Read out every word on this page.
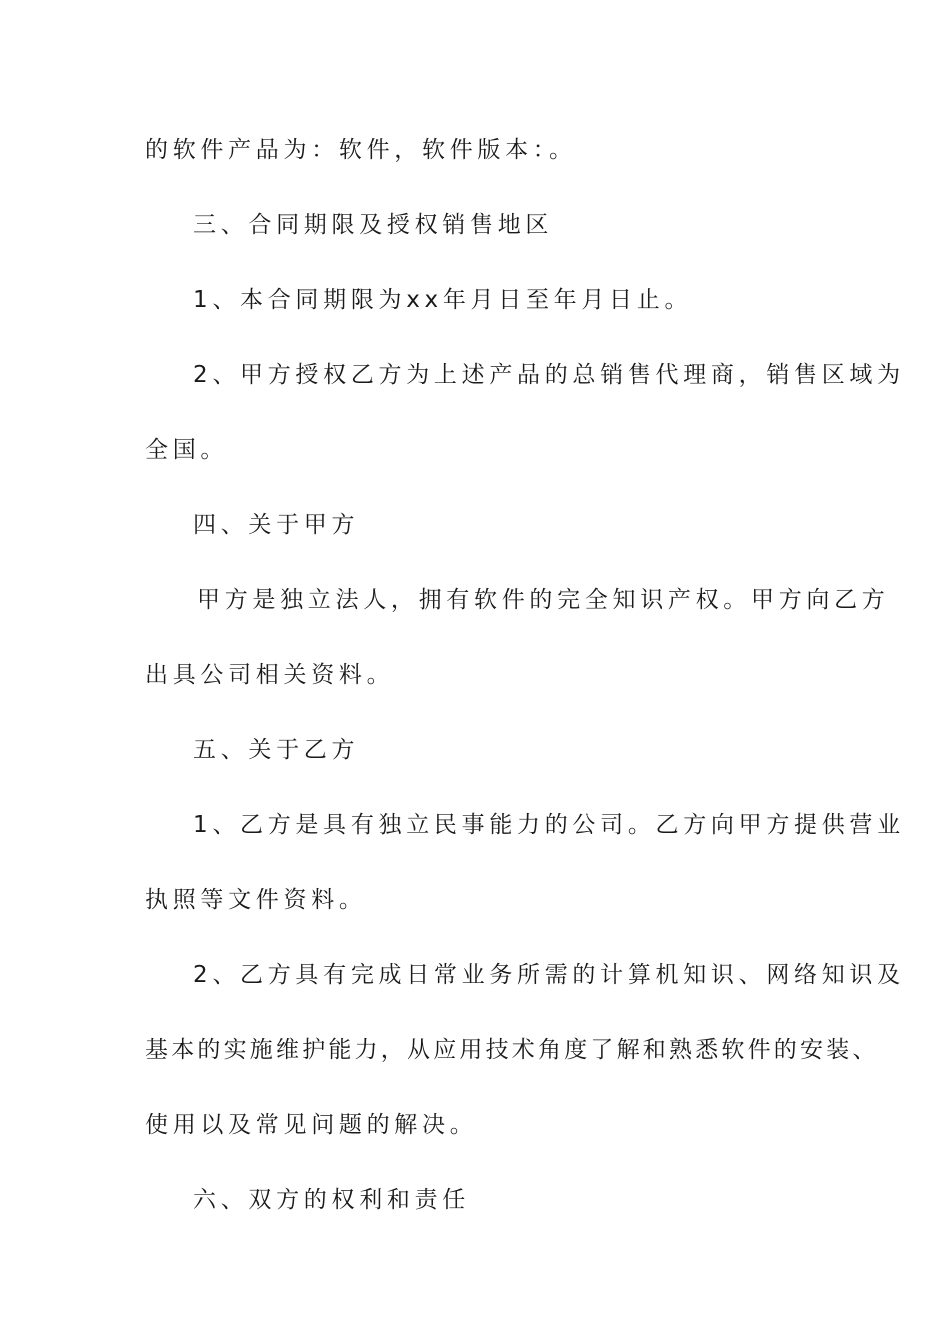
的软件产品为：软件，软件版本：。
三、合同期限及授权销售地区
1、本合同期限为xx年月日至年月日止。
2、甲方授权乙方为上述产品的总销售代理商，销售区域为
全国。
四、关于甲方
甲方是独立法人，拥有软件的完全知识产权。甲方向乙方
出具公司相关资料。
五、关于乙方
1、乙方是具有独立民事能力的公司。乙方向甲方提供营业
执照等文件资料。
2、乙方具有完成日常业务所需的计算机知识、网络知识及
基本的实施维护能力，从应用技术角度了解和熟悉软件的安装、
使用以及常见问题的解决。
六、双方的权利和责任
